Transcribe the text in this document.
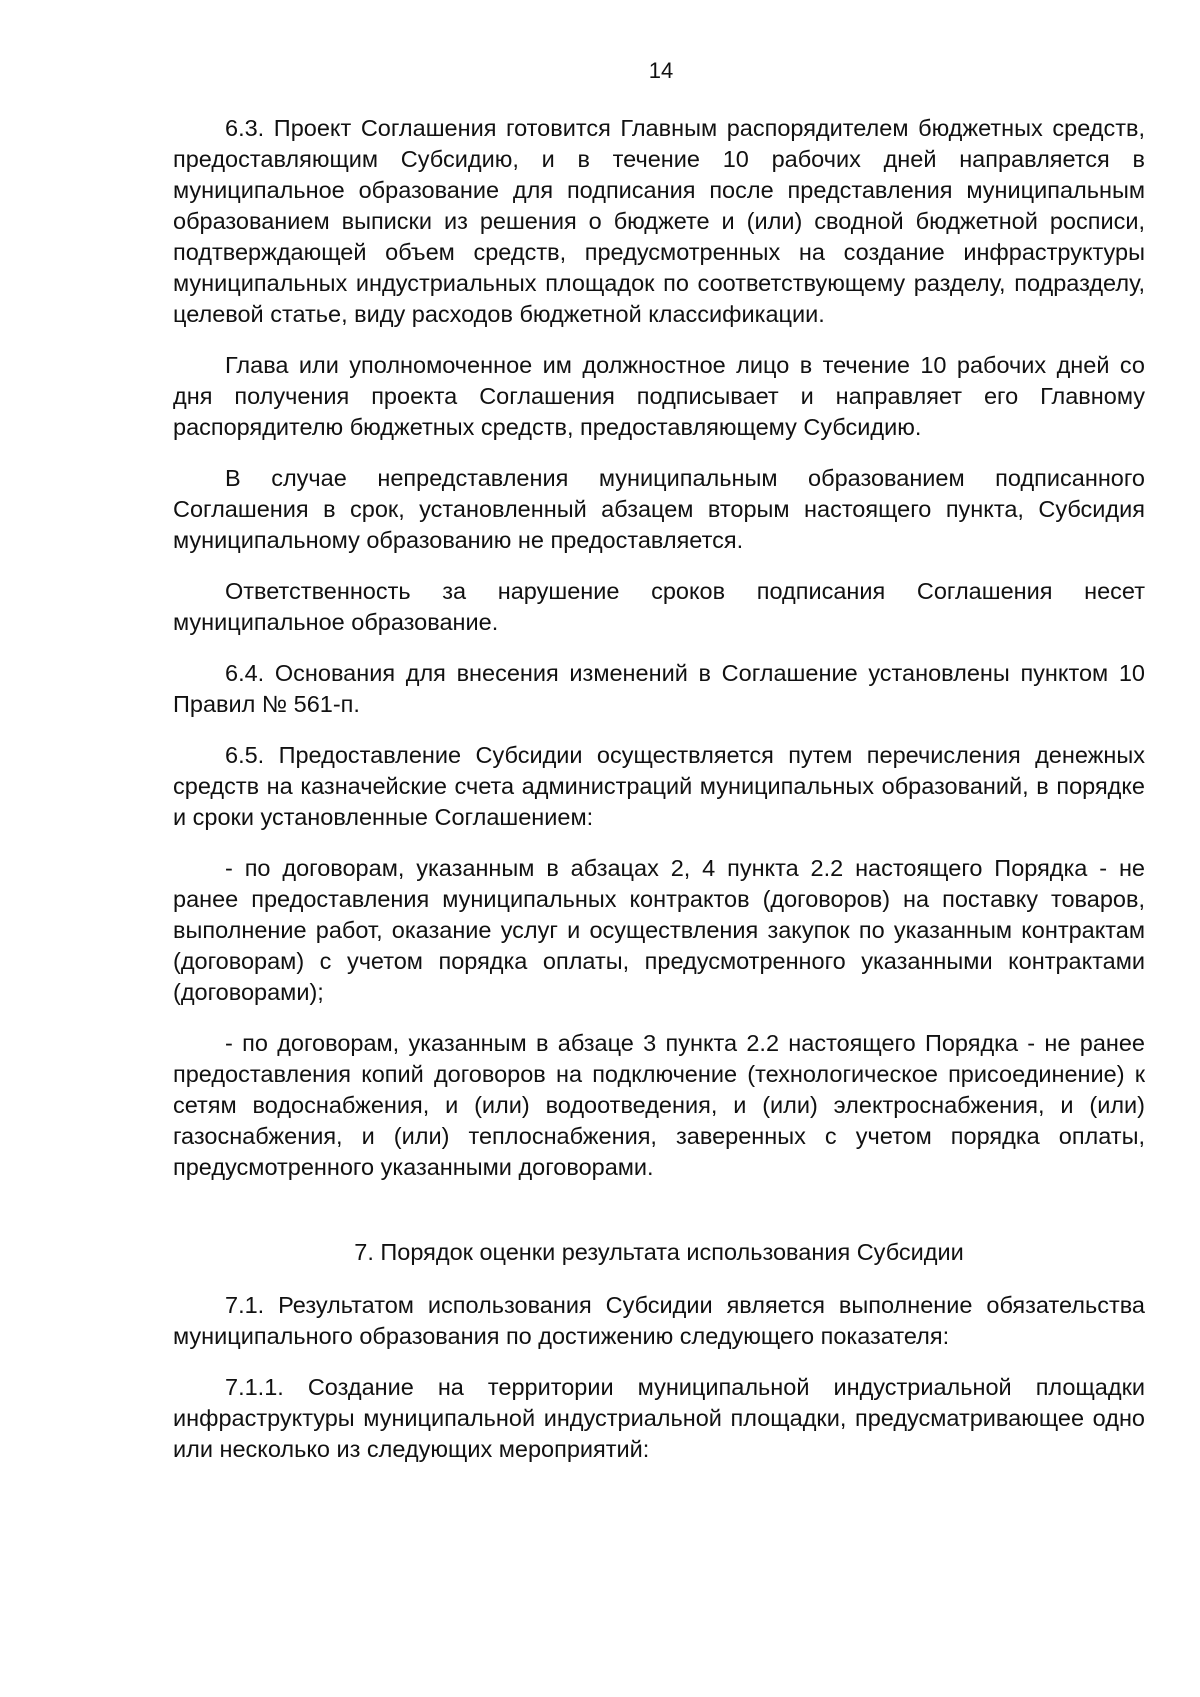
14

6.3. Проект Соглашения готовится Главным распорядителем бюджетных средств, предоставляющим Субсидию, и в течение 10 рабочих дней направляется в муниципальное образование для подписания после представления муниципальным образованием выписки из решения о бюджете и (или) сводной бюджетной росписи, подтверждающей объем средств, предусмотренных на создание инфраструктуры муниципальных индустриальных площадок по соответствующему разделу, подразделу, целевой статье, виду расходов бюджетной классификации.

Глава или уполномоченное им должностное лицо в течение 10 рабочих дней со дня получения проекта Соглашения подписывает и направляет его Главному распорядителю бюджетных средств, предоставляющему Субсидию.

В случае непредставления муниципальным образованием подписанного Соглашения в срок, установленный абзацем вторым настоящего пункта, Субсидия муниципальному образованию не предоставляется.

Ответственность за нарушение сроков подписания Соглашения несет муниципальное образование.

6.4. Основания для внесения изменений в Соглашение установлены пунктом 10 Правил № 561-п.

6.5. Предоставление Субсидии осуществляется путем перечисления денежных средств на казначейские счета администраций муниципальных образований, в порядке и сроки установленные Соглашением:

- по договорам, указанным в абзацах 2, 4 пункта 2.2 настоящего Порядка - не ранее предоставления муниципальных контрактов (договоров) на поставку товаров, выполнение работ, оказание услуг и осуществления закупок по указанным контрактам (договорам) с учетом порядка оплаты, предусмотренного указанными контрактами (договорами);

- по договорам, указанным в абзаце 3 пункта 2.2 настоящего Порядка - не ранее предоставления копий договоров на подключение (технологическое присоединение) к сетям водоснабжения, и (или) водоотведения, и (или) электроснабжения, и (или) газоснабжения, и (или) теплоснабжения, заверенных с учетом порядка оплаты, предусмотренного указанными договорами.

7. Порядок оценки результата использования Субсидии

7.1. Результатом использования Субсидии является выполнение обязательства муниципального образования по достижению следующего показателя:

7.1.1. Создание на территории муниципальной индустриальной площадки инфраструктуры муниципальной индустриальной площадки, предусматривающее одно или несколько из следующих мероприятий:
